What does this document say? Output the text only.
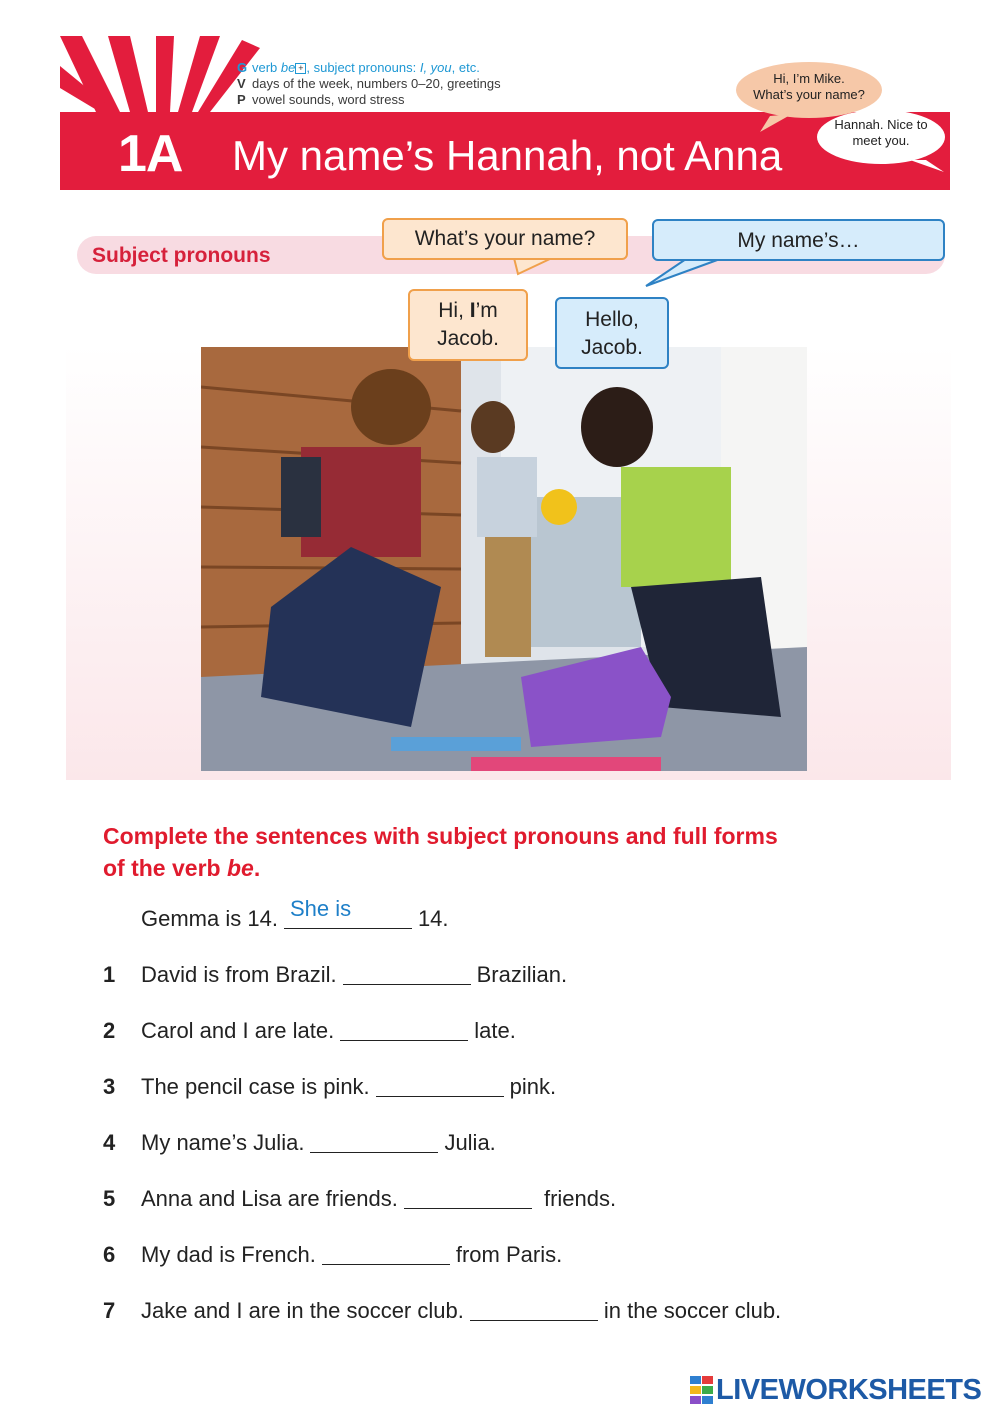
1A My name’s Hannah, not Anna
G verb be + , subject pronouns: I, you, etc.
V days of the week, numbers 0–20, greetings
P vowel sounds, word stress
Hi, I’m Mike.
What’s your name?
Hannah. Nice to
meet you.
Subject pronouns
What’s your name?	My name’s…
Hi, I’m
Jacob.
Hello,
Jacob.
Complete the sentences with subject pronouns and full forms
of the verb be.
Gemma is 14. She is	14.
1 David is from Brazil.	Brazilian.
2 Carol and I are late.	late.
3 The pencil case is pink.	pink.
4 My name’s Julia.	Julia.
5 Anna and Lisa are friends.	friends.
6 My dad is French.	from Paris.
7 Jake and I are in the soccer club.	in the soccer club.
LIVEWORKSHEETS
